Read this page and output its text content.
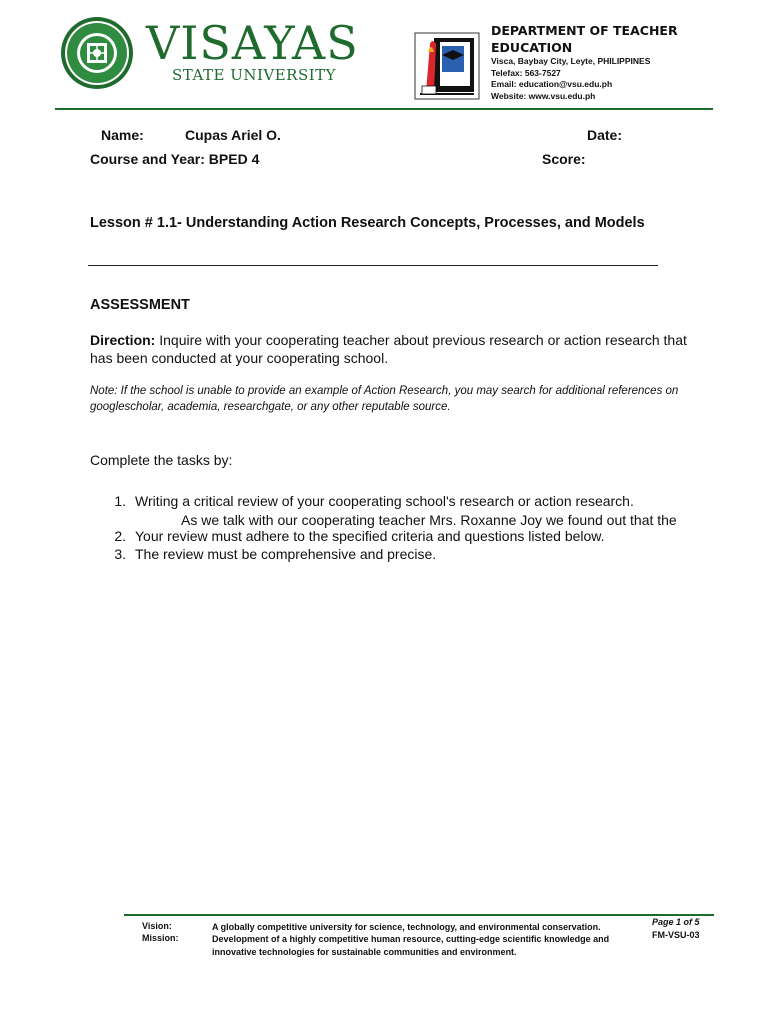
VISAYAS
STATE UNIVERSITY
DEPARTMENT OF TEACHER EDUCATION
Visca, Baybay City, Leyte, PHILIPPINES
Telefax: 563-7527
Email: education@vsu.edu.ph
Website: www.vsu.edu.ph
Name:	Cupas Ariel O.	Date:
Course and Year: BPED 4	Score:
Lesson # 1.1- Understanding Action Research Concepts, Processes, and Models
ASSESSMENT
Direction: Inquire with your cooperating teacher about previous research or action research that has been conducted at your cooperating school.
Note: If the school is unable to provide an example of Action Research, you may search for additional references on googlescholar, academia, researchgate, or any other reputable source.
Complete the tasks by:
1. Writing a critical review of your cooperating school's research or action research.
As we talk with our cooperating teacher Mrs. Roxanne Joy we found out that the
2. Your review must adhere to the specified criteria and questions listed below.
3. The review must be comprehensive and precise.
Vision:	A globally competitive university for science, technology, and environmental conservation.
Mission:	Development of a highly competitive human resource, cutting-edge scientific knowledge and innovative technologies for sustainable communities and environment.
Page 1 of 5
FM-VSU-03
